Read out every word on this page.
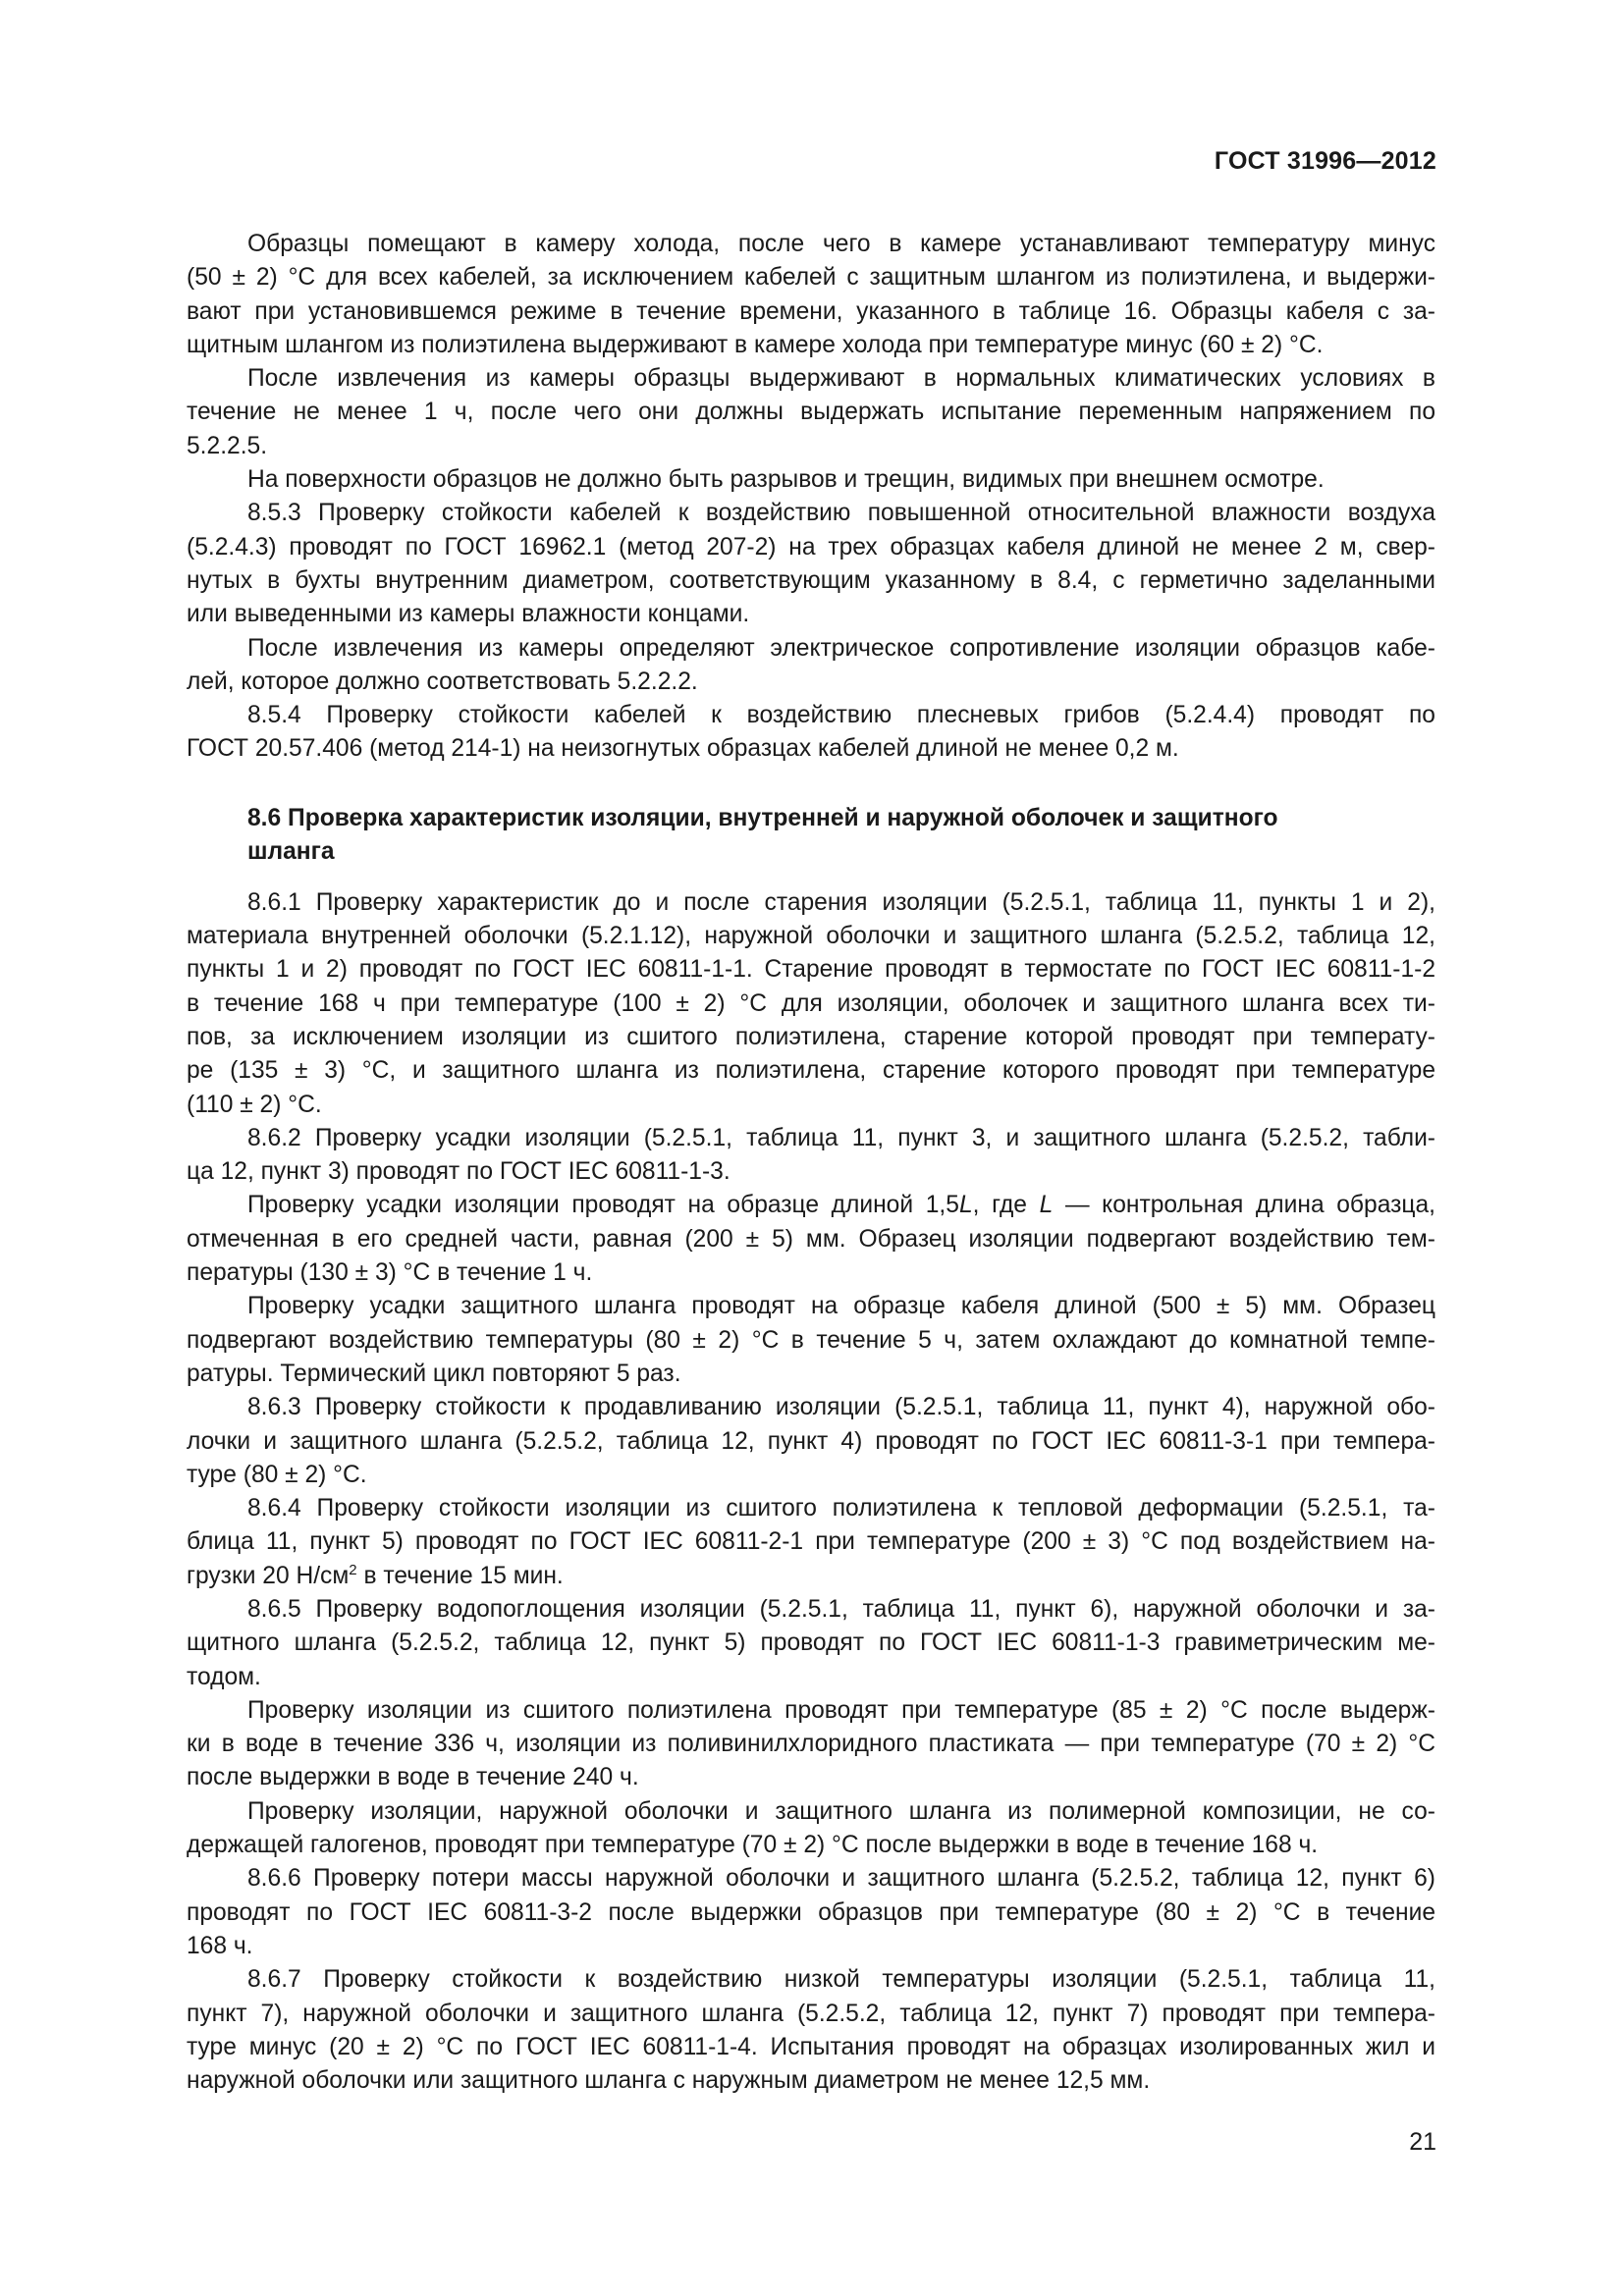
ГОСТ 31996—2012

Образцы помещают в камеру холода, после чего в камере устанавливают температуру минус
(50 ± 2) °С для всех кабелей, за исключением кабелей с защитным шлангом из полиэтилена, и выдержи-
вают при установившемся режиме в течение времени, указанного в таблице 16. Образцы кабеля с за-
щитным шлангом из полиэтилена выдерживают в камере холода при температуре минус (60 ± 2) °С.

После извлечения из камеры образцы выдерживают в нормальных климатических условиях в
течение не менее 1 ч, после чего они должны выдержать испытание переменным напряжением по
5.2.2.5.

На поверхности образцов не должно быть разрывов и трещин, видимых при внешнем осмотре.

8.5.3 Проверку стойкости кабелей к воздействию повышенной относительной влажности воздуха
(5.2.4.3) проводят по ГОСТ 16962.1 (метод 207-2) на трех образцах кабеля длиной не менее 2 м, свер-
нутых в бухты внутренним диаметром, соответствующим указанному в 8.4, с герметично заделанными
или выведенными из камеры влажности концами.

После извлечения из камеры определяют электрическое сопротивление изоляции образцов кабе-
лей, которое должно соответствовать 5.2.2.2.

8.5.4 Проверку стойкости кабелей к воздействию плесневых грибов (5.2.4.4) проводят по
ГОСТ 20.57.406 (метод 214-1) на неизогнутых образцах кабелей длиной не менее 0,2 м.

8.6 Проверка характеристик изоляции, внутренней и наружной оболочек и защитного
шланга

8.6.1 Проверку характеристик до и после старения изоляции (5.2.5.1, таблица 11, пункты 1 и 2),
материала внутренней оболочки (5.2.1.12), наружной оболочки и защитного шланга (5.2.5.2, таблица 12,
пункты 1 и 2) проводят по ГОСТ IEC 60811-1-1. Старение проводят в термостате по ГОСТ IEC 60811-1-2
в течение 168 ч при температуре (100 ± 2) °С для изоляции, оболочек и защитного шланга всех ти-
пов, за исключением изоляции из сшитого полиэтилена, старение которой проводят при температу-
ре (135 ± 3) °С, и защитного шланга из полиэтилена, старение которого проводят при температуре
(110 ± 2) °С.

8.6.2 Проверку усадки изоляции (5.2.5.1, таблица 11, пункт 3, и защитного шланга (5.2.5.2, табли-
ца 12, пункт 3) проводят по ГОСТ IEC 60811-1-3.

Проверку усадки изоляции проводят на образце длиной 1,5L, где L — контрольная длина образца,
отмеченная в его средней части, равная (200 ± 5) мм. Образец изоляции подвергают воздействию тем-
пературы (130 ± 3) °С в течение 1 ч.

Проверку усадки защитного шланга проводят на образце кабеля длиной (500 ± 5) мм. Образец
подвергают воздействию температуры (80 ± 2) °С в течение 5 ч, затем охлаждают до комнатной темпе-
ратуры. Термический цикл повторяют 5 раз.

8.6.3 Проверку стойкости к продавливанию изоляции (5.2.5.1, таблица 11, пункт 4), наружной обо-
лочки и защитного шланга (5.2.5.2, таблица 12, пункт 4) проводят по ГОСТ IEC 60811-3-1 при темпера-
туре (80 ± 2) °С.

8.6.4 Проверку стойкости изоляции из сшитого полиэтилена к тепловой деформации (5.2.5.1, та-
блица 11, пункт 5) проводят по ГОСТ IEC 60811-2-1 при температуре (200 ± 3) °С под воздействием на-
грузки 20 $Н/см^2$ в течение 15 мин.

8.6.5 Проверку водопоглощения изоляции (5.2.5.1, таблица 11, пункт 6), наружной оболочки и за-
щитного шланга (5.2.5.2, таблица 12, пункт 5) проводят по ГОСТ IEC 60811-1-3 гравиметрическим ме-
тодом.

Проверку изоляции из сшитого полиэтилена проводят при температуре (85 ± 2) °С после выдерж-
ки в воде в течение 336 ч, изоляции из поливинилхлоридного пластиката — при температуре (70 ± 2) °С
после выдержки в воде в течение 240 ч.

Проверку изоляции, наружной оболочки и защитного шланга из полимерной композиции, не со-
держащей галогенов, проводят при температуре (70 ± 2) °С после выдержки в воде в течение 168 ч.

8.6.6 Проверку потери массы наружной оболочки и защитного шланга (5.2.5.2, таблица 12, пункт 6)
проводят по ГОСТ IEC 60811-3-2 после выдержки образцов при температуре (80 ± 2) °С в течение
168 ч.

8.6.7 Проверку стойкости к воздействию низкой температуры изоляции (5.2.5.1, таблица 11,
пункт 7), наружной оболочки и защитного шланга (5.2.5.2, таблица 12, пункт 7) проводят при темпера-
туре минус (20 ± 2) °С по ГОСТ IEC 60811-1-4. Испытания проводят на образцах изолированных жил и
наружной оболочки или защитного шланга с наружным диаметром не менее 12,5 мм.

21
